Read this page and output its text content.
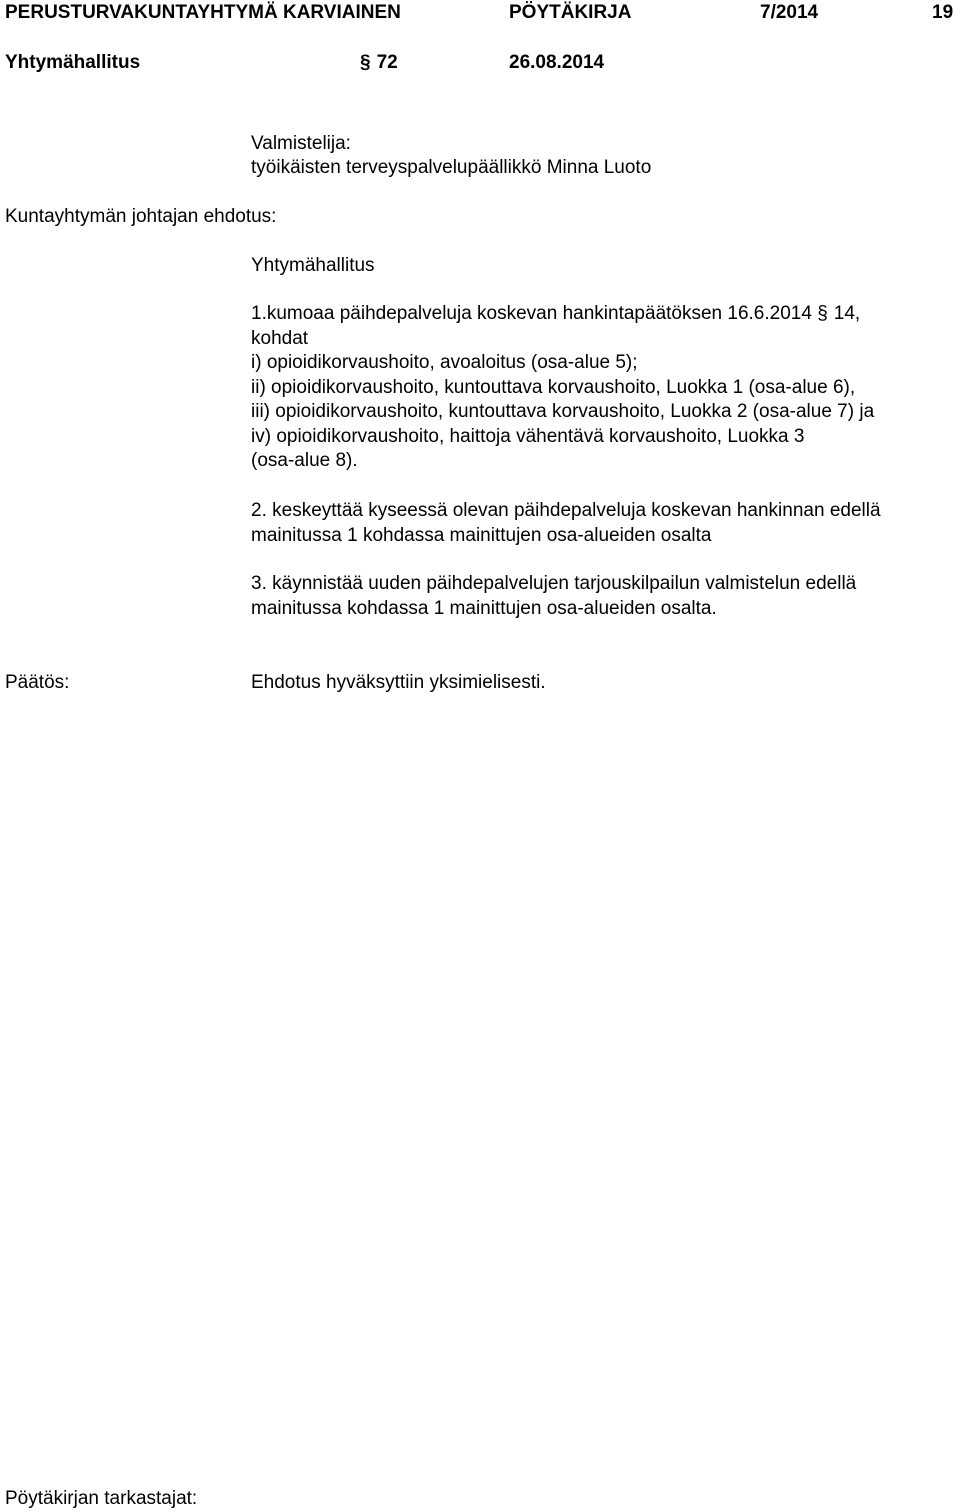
PERUSTURVAKUNTAYHTYMÄ KARVIAINEN	PÖYTÄKIRJA	7/2014	19
Yhtymähallitus	§ 72	26.08.2014
Valmistelija:
työikäisten terveyspalvelupäällikkö Minna Luoto
Kuntayhtymän johtajan ehdotus:
Yhtymähallitus
1.kumoaa päihdepalveluja koskevan hankintapäätöksen 16.6.2014 § 14,
kohdat
i) opioidikorvaushoito, avoaloitus (osa-alue 5);
ii) opioidikorvaushoito, kuntouttava korvaushoito, Luokka 1 (osa-alue 6),
iii) opioidikorvaushoito, kuntouttava korvaushoito, Luokka 2 (osa-alue 7) ja
iv) opioidikorvaushoito, haittoja vähentävä korvaushoito, Luokka 3
(osa-alue 8).
2. keskeyttää kyseessä olevan päihdepalveluja koskevan hankinnan edellä
mainitussa 1 kohdassa mainittujen osa-alueiden osalta
3. käynnistää uuden päihdepalvelujen tarjouskilpailun valmistelun edellä
mainitussa kohdassa 1 mainittujen osa-alueiden osalta.
Päätös:	Ehdotus hyväksyttiin yksimielisesti.
Pöytäkirjan tarkastajat:
